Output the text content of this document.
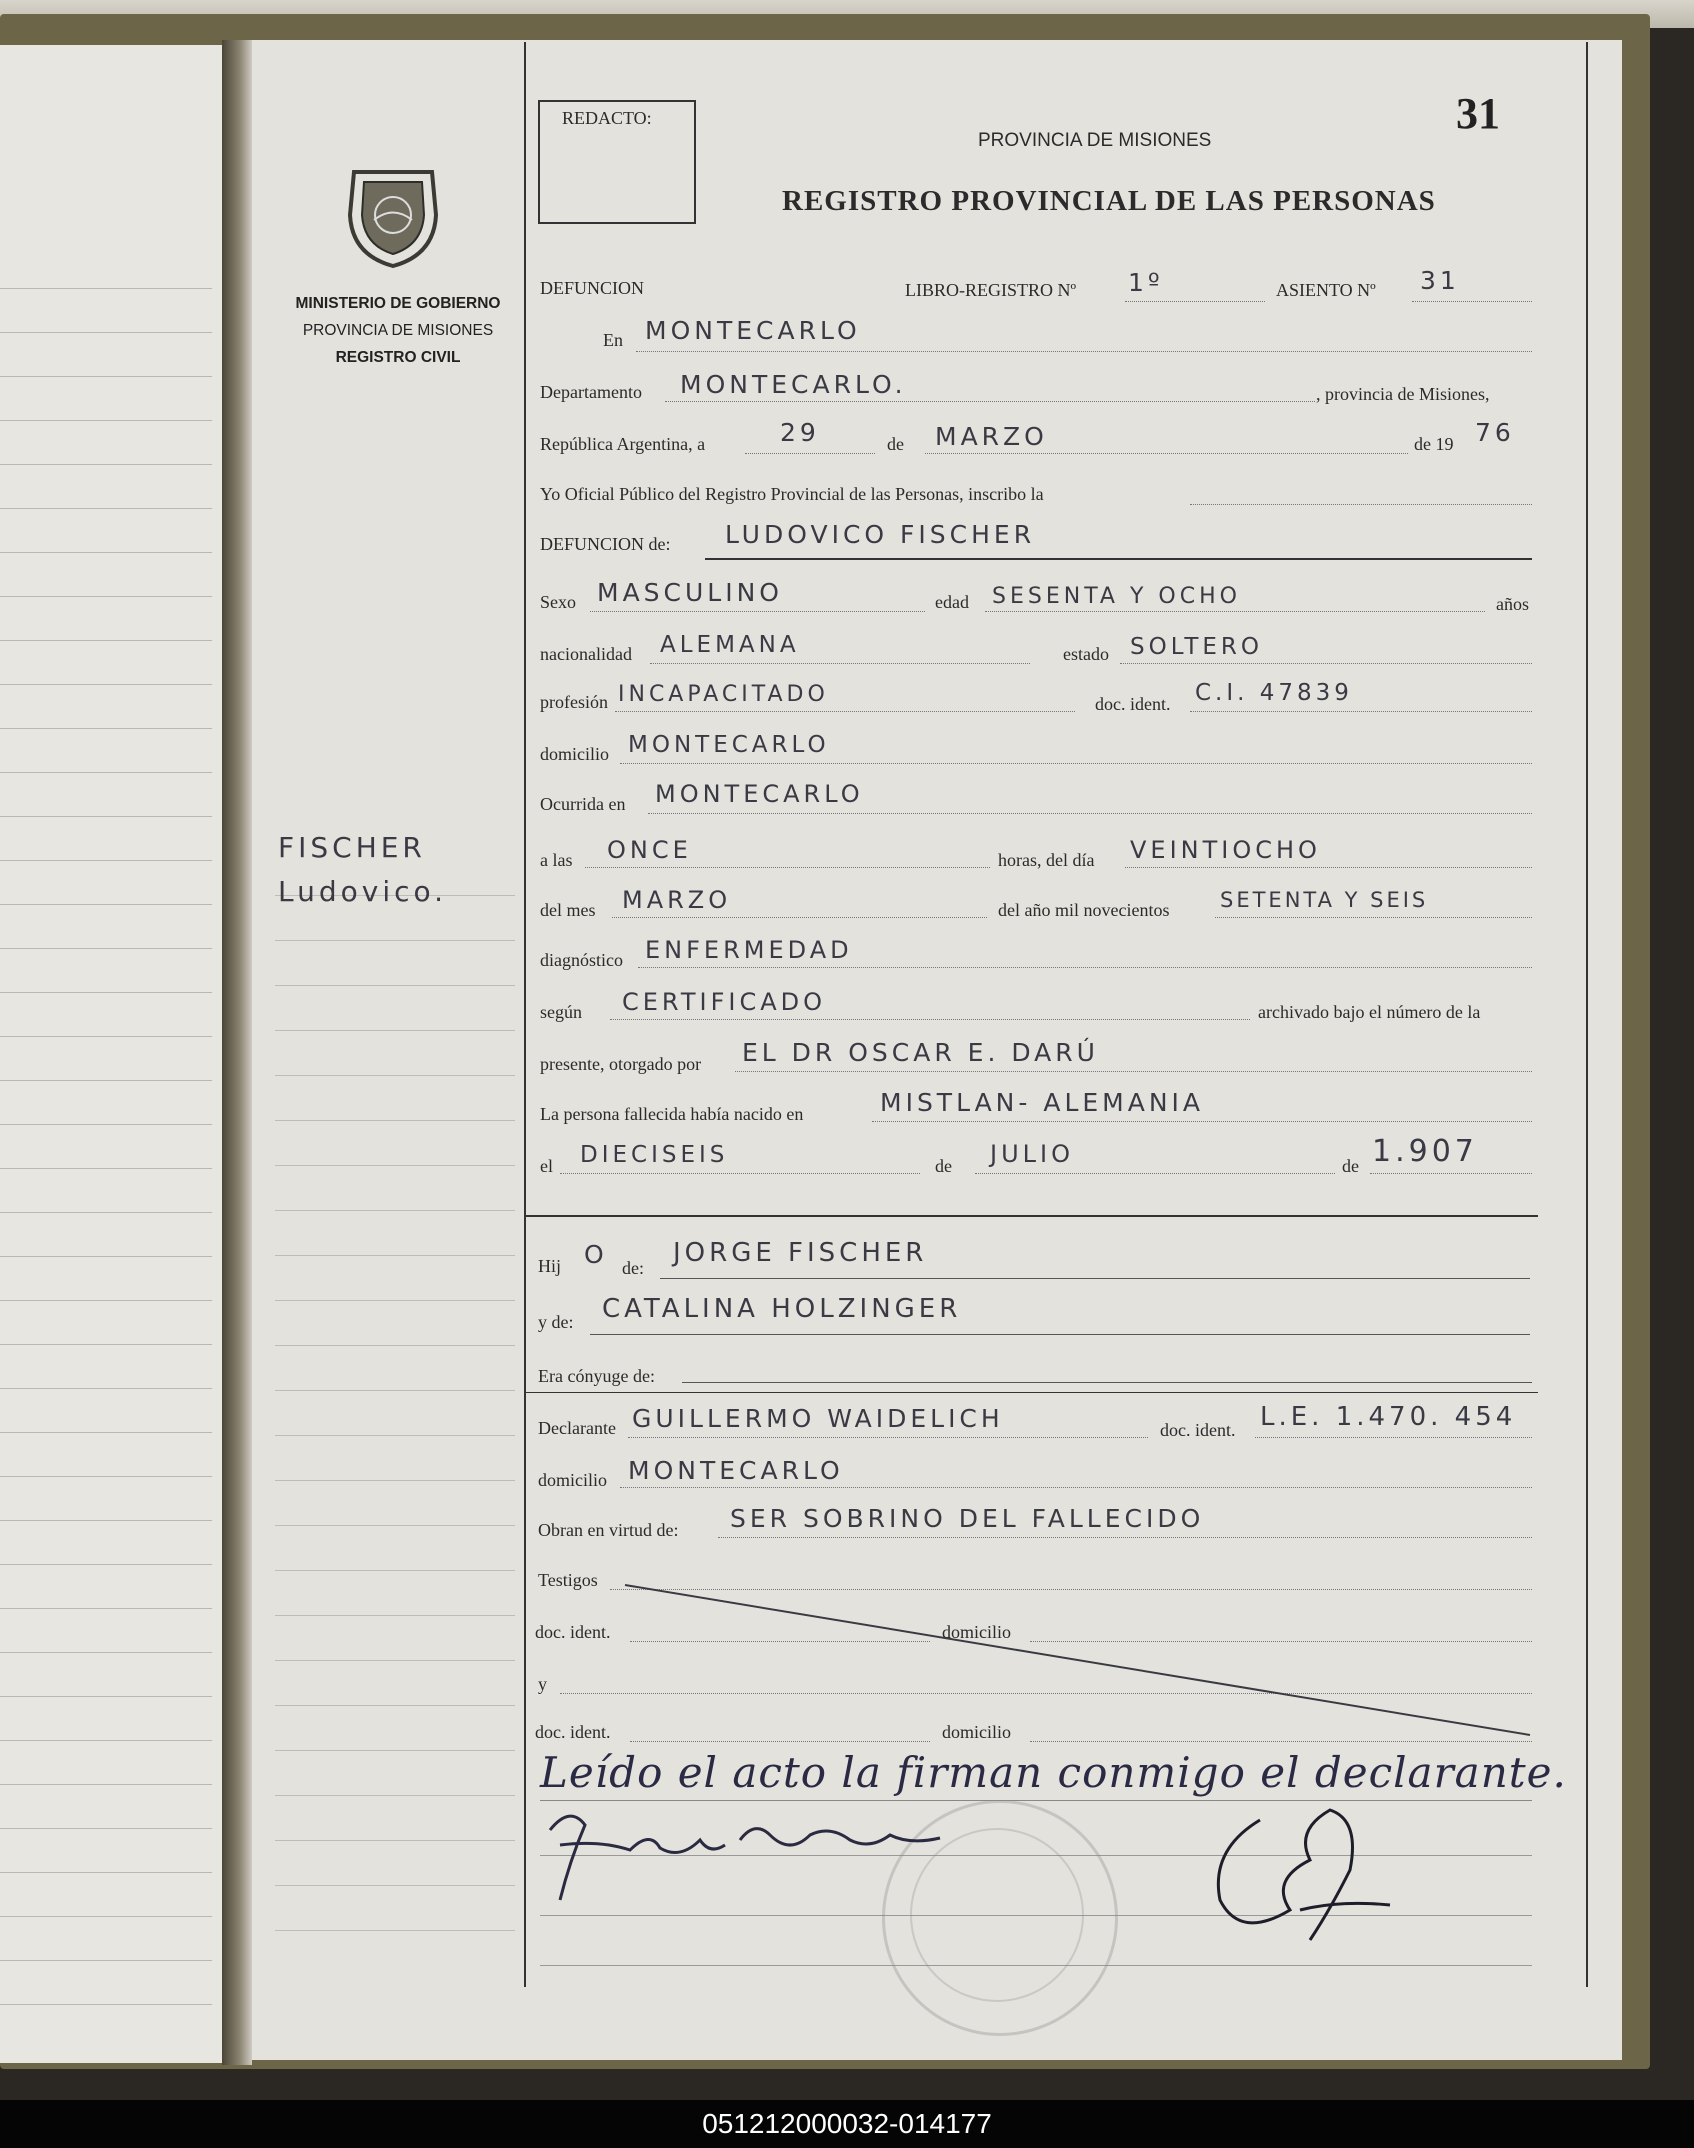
MINISTERIO DE GOBIERNO
PROVINCIA DE MISIONES
REGISTRO CIVIL
FISCHER
Ludovico.
REDACTO:	31
PROVINCIA DE MISIONES
REGISTRO PROVINCIAL DE LAS PERSONAS
DEFUNCION	LIBRO-REGISTRO Nº 1º	ASIENTO Nº 31
En MONTECARLO
Departamento MONTECARLO.	, provincia de Misiones,
República Argentina, a	29	de MARZO	de 19 76
Yo Oficial Público del Registro Provincial de las Personas, inscribo la
DEFUNCION de: LUDOVICO FISCHER
Sexo MASCULINO	edad SESENTA Y OCHO	años
nacionalidad ALEMANA	estado SOLTERO
profesión INCAPACITADO	doc. ident. C.I. 47839
domicilio MONTECARLO
Ocurrida en MONTECARLO
a las ONCE	horas, del día VEINTIOCHO
del mes MARZO	del año mil novecientos SETENTA Y SEIS
diagnóstico ENFERMEDAD
según CERTIFICADO	archivado bajo el número de la
presente, otorgado por EL DR OSCAR E. DARÚ
La persona fallecida había nacido en	MISTLAN- ALEMANIA
el DIECISEIS	de JULIO	de 1.907
Hij O de: JORGE FISCHER
y de: CATALINA HOLZINGER
Era cónyuge de:
Declarante GUILLERMO WAIDELICH	doc. ident. L.E. 1.470. 454
domicilio MONTECARLO
Obran en virtud de: SER SOBRINO DEL FALLECIDO
Testigos
doc. ident.	domicilio
y
doc. ident.	domicilio
Leído el acto la firman conmigo el declarante.
051212000032-014177
